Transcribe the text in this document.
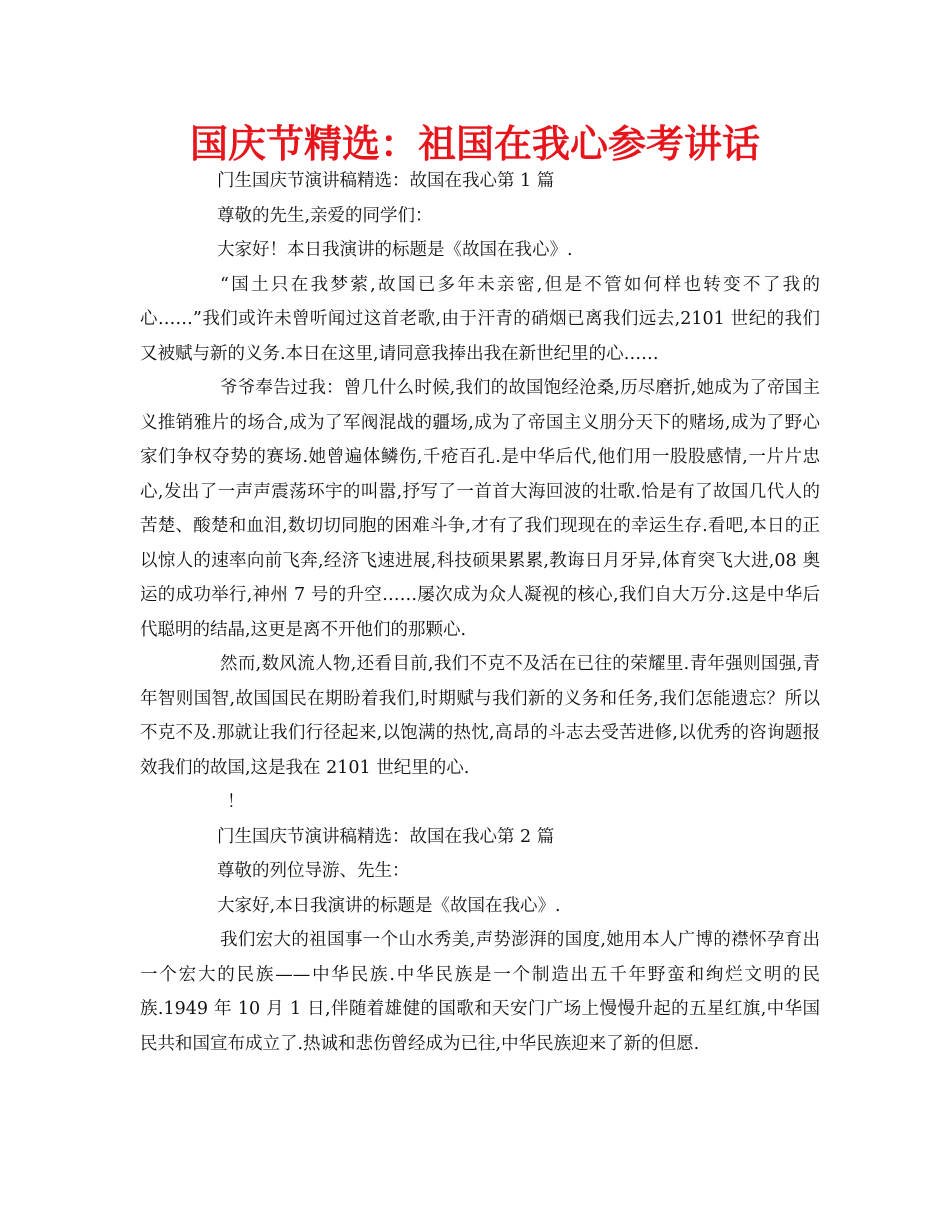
国庆节精选：祖国在我心参考讲话

门生国庆节演讲稿精选：故国在我心第 1 篇

尊敬的先生,亲爱的同学们：

大家好！本日我演讲的标题是《故国在我心》.

“国土只在我梦萦,故国已多年未亲密,但是不管如何样也转变不了我的心……”我们或许未曾听闻过这首老歌,由于汗青的硝烟已离我们远去,2101 世纪的我们又被赋与新的义务.本日在这里,请同意我捧出我在新世纪里的心……

爷爷奉告过我：曾几什么时候,我们的故国饱经沧桑,历尽磨折,她成为了帝国主义推销雅片的场合,成为了军阀混战的疆场,成为了帝国主义朋分天下的赌场,成为了野心家们争权夺势的赛场.她曾遍体鳞伤,千疮百孔.是中华后代,他们用一股股感情,一片片忠心,发出了一声声震荡环宇的叫嚣,抒写了一首首大海回波的壮歌.恰是有了故国几代人的苦楚、酸楚和血泪,数切切同胞的困难斗争,才有了我们现现在的幸运生存.看吧,本日的正以惊人的速率向前飞奔,经济飞速进展,科技硕果累累,教诲日月牙异,体育突飞大进,08 奥运的成功举行,神州 7 号的升空……屡次成为众人凝视的核心,我们自大万分.这是中华后代聪明的结晶,这更是离不开他们的那颗心.

然而,数风流人物,还看目前,我们不克不及活在已往的荣耀里.青年强则国强,青年智则国智,故国国民在期盼着我们,时期赋与我们新的义务和任务,我们怎能遗忘？所以不克不及.那就让我们行径起来,以饱满的热忱,高昂的斗志去受苦进修,以优秀的咨询题报效我们的故国,这是我在 2101 世纪里的心.

！

门生国庆节演讲稿精选：故国在我心第 2 篇

尊敬的列位导游、先生：

大家好,本日我演讲的标题是《故国在我心》.

我们宏大的祖国事一个山水秀美,声势澎湃的国度,她用本人广博的襟怀孕育出一个宏大的民族——中华民族.中华民族是一个制造出五千年野蛮和绚烂文明的民族.1949 年 10 月 1 日,伴随着雄健的国歌和天安门广场上慢慢升起的五星红旗,中华国民共和国宣布成立了.热诚和悲伤曾经成为已往,中华民族迎来了新的但愿.
